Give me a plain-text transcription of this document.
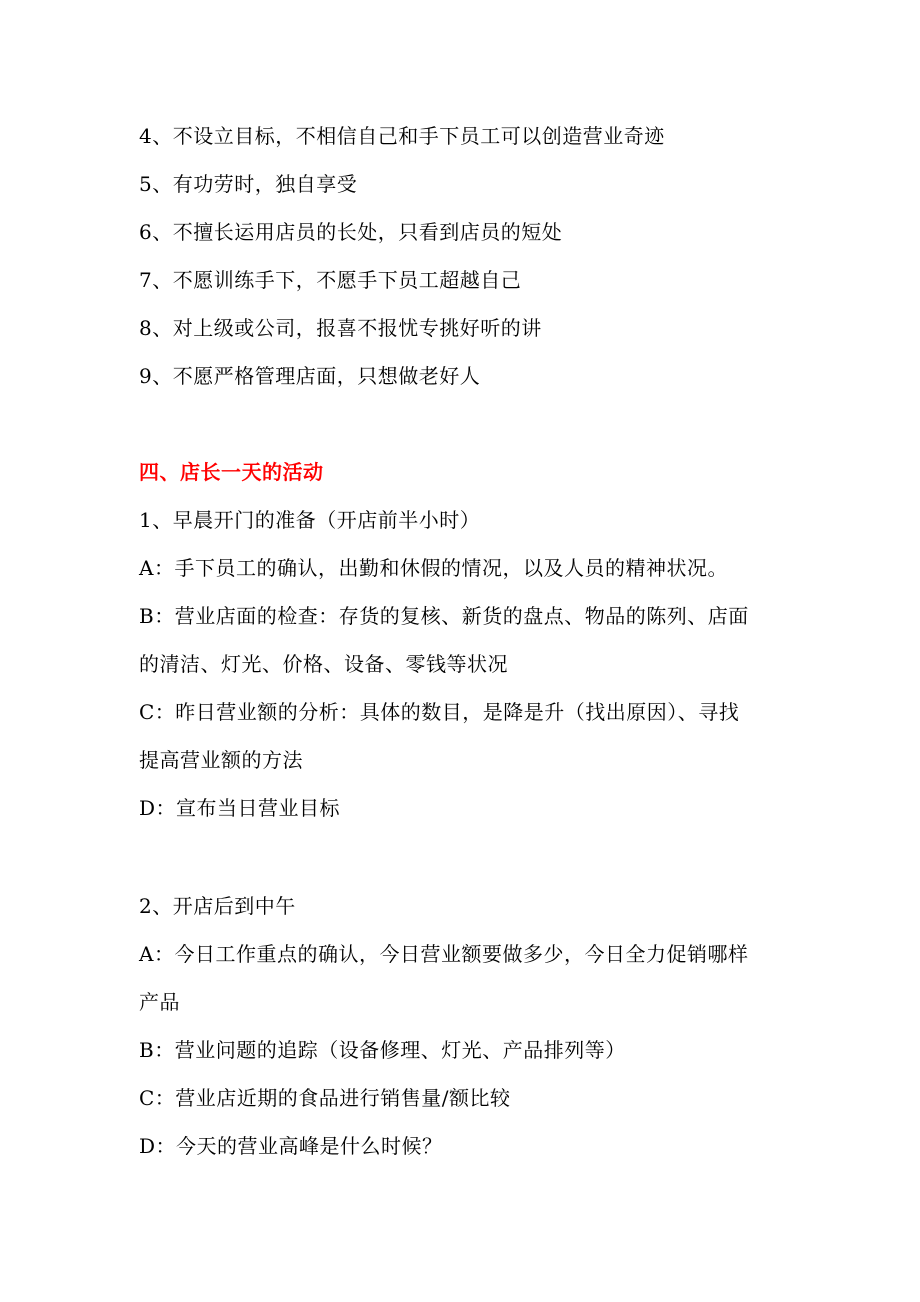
4、不设立目标，不相信自己和手下员工可以创造营业奇迹
5、有功劳时，独自享受
6、不擅长运用店员的长处，只看到店员的短处
7、不愿训练手下，不愿手下员工超越自己
8、对上级或公司，报喜不报忧专挑好听的讲
9、不愿严格管理店面，只想做老好人
四、店长一天的活动
1、早晨开门的准备（开店前半小时）
A：手下员工的确认，出勤和休假的情况，以及人员的精神状况。
B：营业店面的检查：存货的复核、新货的盘点、物品的陈列、店面
的清洁、灯光、价格、设备、零钱等状况
C：昨日营业额的分析：具体的数目，是降是升（找出原因）、寻找
提高营业额的方法
D：宣布当日营业目标
2、开店后到中午
A：今日工作重点的确认，今日营业额要做多少，今日全力促销哪样
产品
B：营业问题的追踪（设备修理、灯光、产品排列等）
C：营业店近期的食品进行销售量/额比较
D：今天的营业高峰是什么时候？
